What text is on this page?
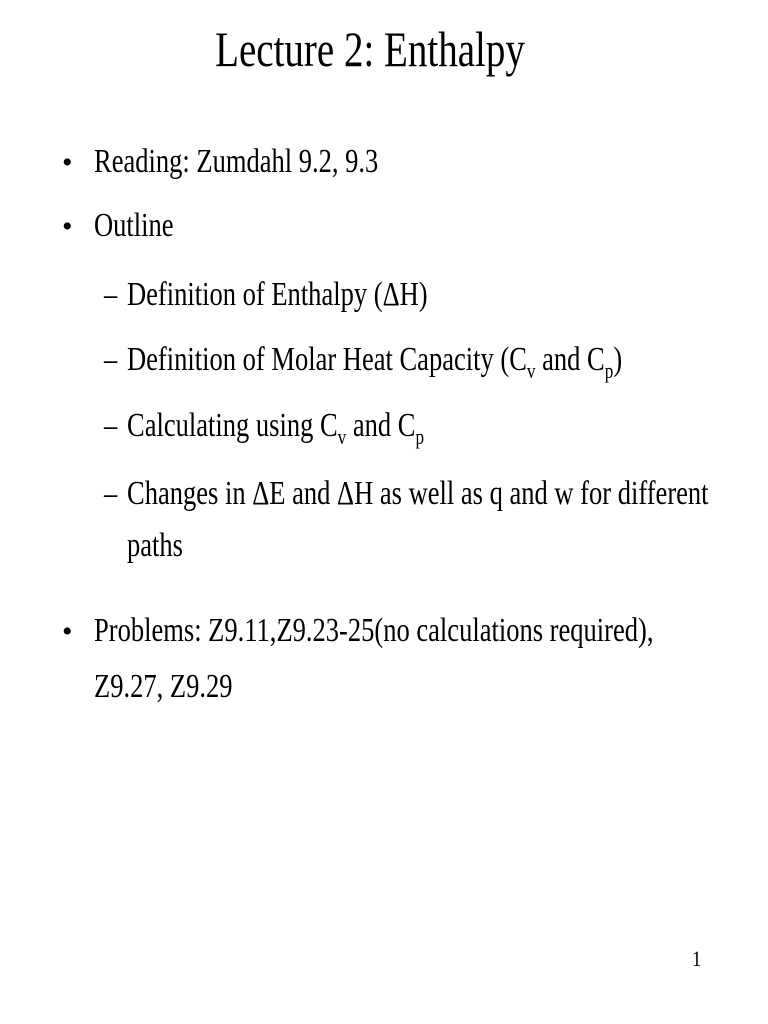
Lecture 2: Enthalpy
• Reading: Zumdahl 9.2, 9.3
• Outline
– Definition of Enthalpy (ΔH)
– Definition of Molar Heat Capacity ($C_v$ and $C_p$)
– Calculating using $C_v$ and $C_p$
– Changes in ΔE and ΔH as well as q and w for different
paths
• Problems: Z9.11,Z9.23-25(no calculations required),
Z9.27, Z9.29
1
